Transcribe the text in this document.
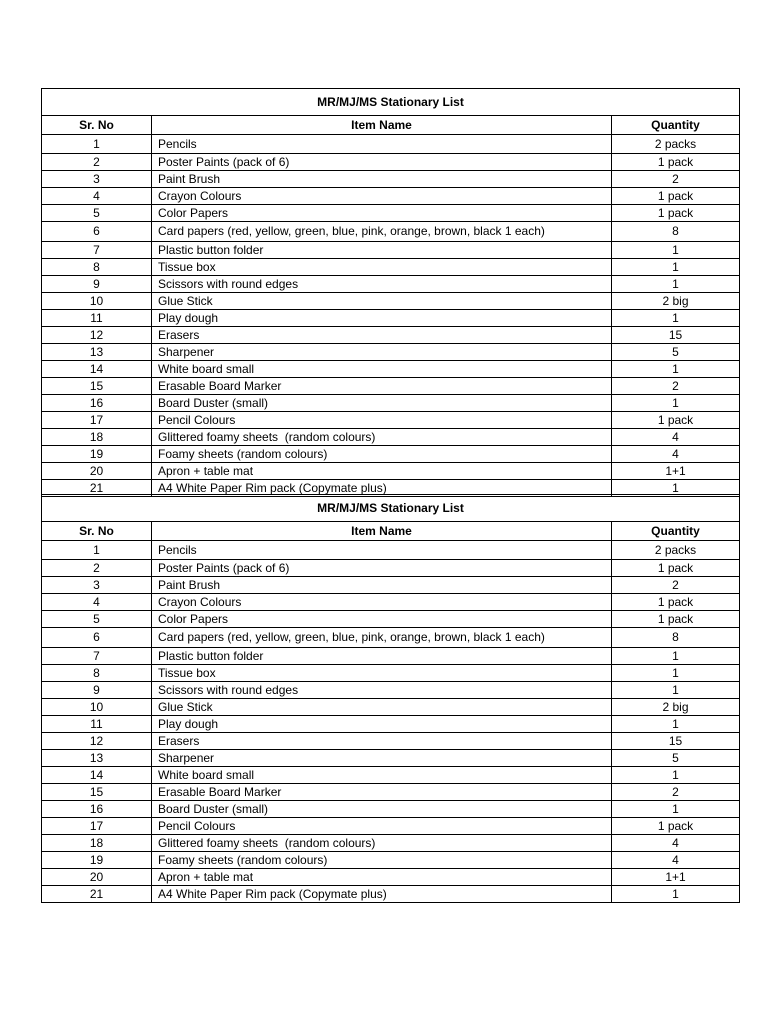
MR/MJ/MS Stationary List		
Sr. No	Item Name	Quantity
1	Pencils	2 packs
2	Poster Paints (pack of 6)	1 pack
3	Paint Brush	2
4	Crayon Colours	1 pack
5	Color Papers	1 pack
6	Card papers (red, yellow, green, blue, pink, orange, brown, black 1 each)	8
7	Plastic button folder	1
8	Tissue box	1
9	Scissors with round edges	1
10	Glue Stick	2 big
11	Play dough	1
12	Erasers	15
13	Sharpener	5
14	White board small	1
15	Erasable Board Marker	2
16	Board Duster (small)	1
17	Pencil Colours	1 pack
18	Glittered foamy sheets  (random colours)	4
19	Foamy sheets (random colours)	4
20	Apron + table mat	1+1
21	A4 White Paper Rim pack (Copymate plus)	1
MR/MJ/MS Stationary List		
Sr. No	Item Name	Quantity
1	Pencils	2 packs
2	Poster Paints (pack of 6)	1 pack
3	Paint Brush	2
4	Crayon Colours	1 pack
5	Color Papers	1 pack
6	Card papers (red, yellow, green, blue, pink, orange, brown, black 1 each)	8
7	Plastic button folder	1
8	Tissue box	1
9	Scissors with round edges	1
10	Glue Stick	2 big
11	Play dough	1
12	Erasers	15
13	Sharpener	5
14	White board small	1
15	Erasable Board Marker	2
16	Board Duster (small)	1
17	Pencil Colours	1 pack
18	Glittered foamy sheets  (random colours)	4
19	Foamy sheets (random colours)	4
20	Apron + table mat	1+1
21	A4 White Paper Rim pack (Copymate plus)	1
